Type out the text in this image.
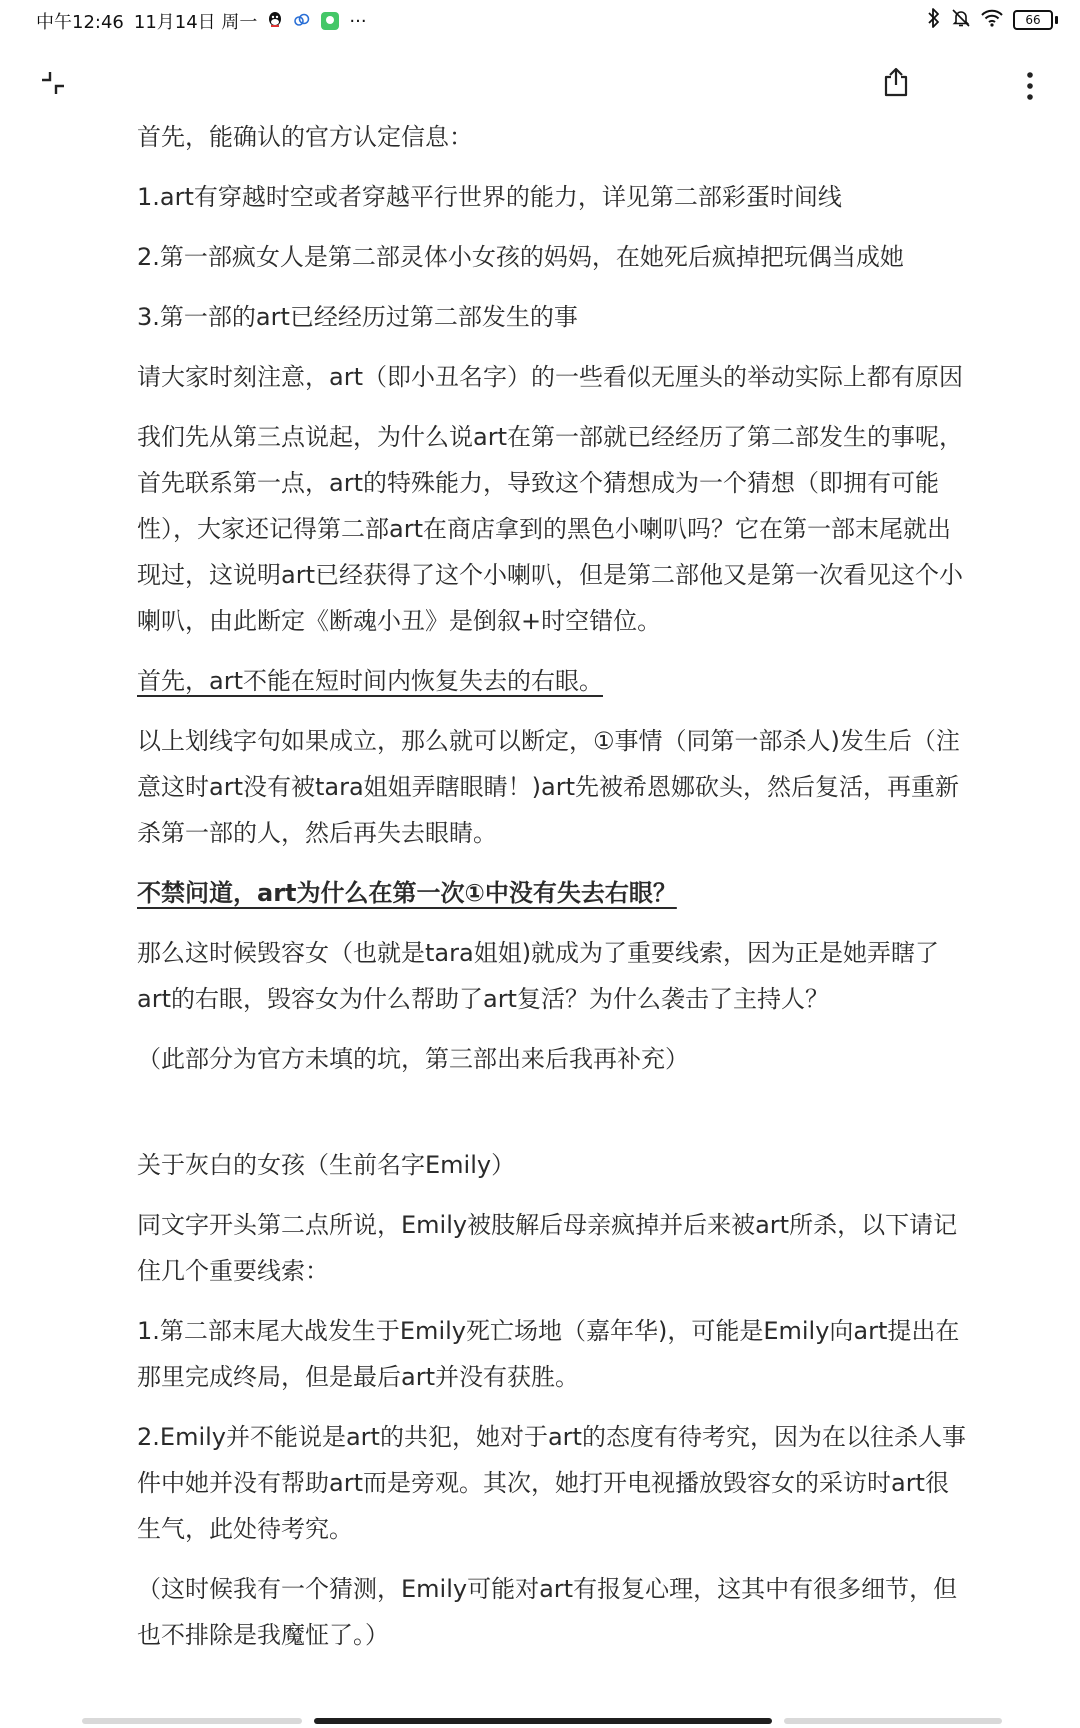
中午12:46 11月14日 周一	···	66

首先，能确认的官方认定信息：

1.art有穿越时空或者穿越平行世界的能力，详见第二部彩蛋时间线

2.第一部疯女人是第二部灵体小女孩的妈妈，在她死后疯掉把玩偶当成她

3.第一部的art已经经历过第二部发生的事

请大家时刻注意，art（即小丑名字）的一些看似无厘头的举动实际上都有原因

我们先从第三点说起，为什么说art在第一部就已经经历了第二部发生的事呢，首先联系第一点，art的特殊能力，导致这个猜想成为一个猜想（即拥有可能性），大家还记得第二部art在商店拿到的黑色小喇叭吗？它在第一部末尾就出现过，这说明art已经获得了这个小喇叭，但是第二部他又是第一次看见这个小喇叭，由此断定《断魂小丑》是倒叙+时空错位。

首先，art不能在短时间内恢复失去的右眼。

以上划线字句如果成立，那么就可以断定，①事情（同第一部杀人)发生后（注意这时art没有被tara姐姐弄瞎眼睛！)art先被希恩娜砍头，然后复活，再重新杀第一部的人，然后再失去眼睛。

不禁问道，art为什么在第一次①中没有失去右眼？

那么这时候毁容女（也就是tara姐姐)就成为了重要线索，因为正是她弄瞎了art的右眼，毁容女为什么帮助了art复活？为什么袭击了主持人？

（此部分为官方未填的坑，第三部出来后我再补充）

关于灰白的女孩（生前名字Emily）

同文字开头第二点所说，Emily被肢解后母亲疯掉并后来被art所杀，以下请记住几个重要线索：

1.第二部末尾大战发生于Emily死亡场地（嘉年华)，可能是Emily向art提出在那里完成终局，但是最后art并没有获胜。

2.Emily并不能说是art的共犯，她对于art的态度有待考究，因为在以往杀人事件中她并没有帮助art而是旁观。其次，她打开电视播放毁容女的采访时art很生气，此处待考究。

（这时候我有一个猜测，Emily可能对art有报复心理，这其中有很多细节，但也不排除是我魔怔了。）
